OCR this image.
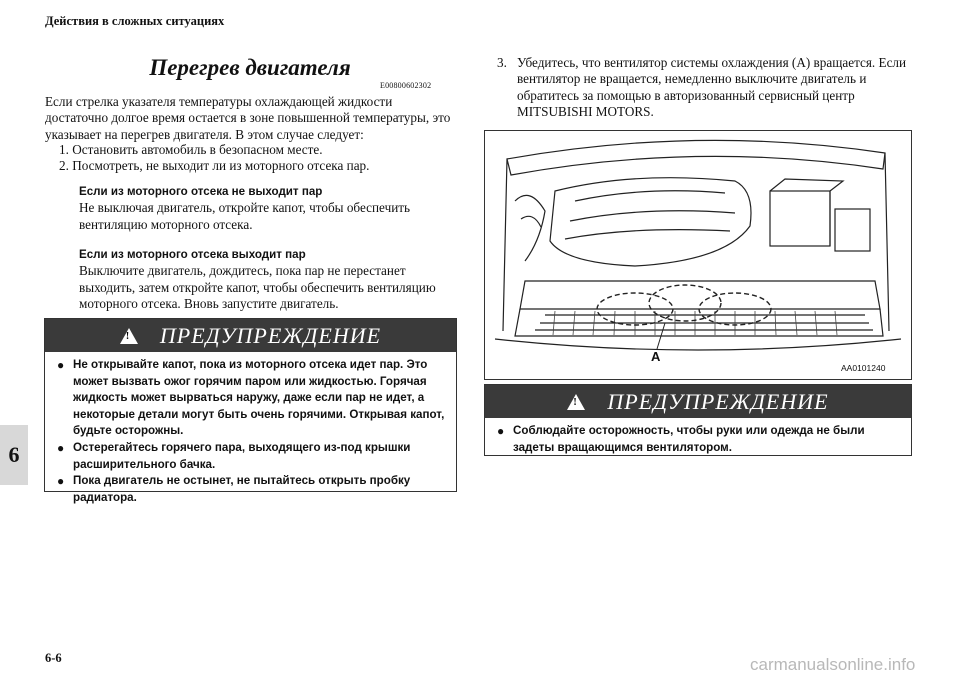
Действия в сложных ситуациях
6
Перегрев двигателя
E00800602302
Если стрелка указателя температуры охлаждающей жидкости достаточно долгое время остается в зоне повышенной температуры, это указывает на перегрев двигателя. В этом случае следует:
1. Остановить автомобиль в безопасном месте.
2. Посмотреть, не выходит ли из моторного отсека пар.
Если из моторного отсека не выходит пар
Не выключая двигатель, откройте капот, чтобы обеспечить вентиляцию моторного отсека.
Если из моторного отсека выходит пар
Выключите двигатель, дождитесь, пока пар не перестанет выходить, затем откройте капот, чтобы обеспечить вентиляцию моторного отсека. Вновь запустите двигатель.
! ПРЕДУПРЕЖДЕНИЕ
● Не открывайте капот, пока из моторного отсека идет пар. Это может вызвать ожог горячим паром или жидкостью. Горячая жидкость может вырваться наружу, даже если пар не идет, а некоторые детали могут быть очень горячими. Открывая капот, будьте осторожны.
● Остерегайтесь горячего пара, выходящего из-под крышки расширительного бачка.
● Пока двигатель не остынет, не пытайтесь открыть пробку радиатора.
3. Убедитесь, что вентилятор системы охлаждения (A) вращается. Если вентилятор не вращается, немедленно выключите двигатель и обратитесь за помощью в авторизованный сервисный центр MITSUBISHI MOTORS.
A
AA0101240
! ПРЕДУПРЕЖДЕНИЕ
● Соблюдайте осторожность, чтобы руки или одежда не были задеты вращающимся вентилятором.
6-6	carmanualsonline.info
